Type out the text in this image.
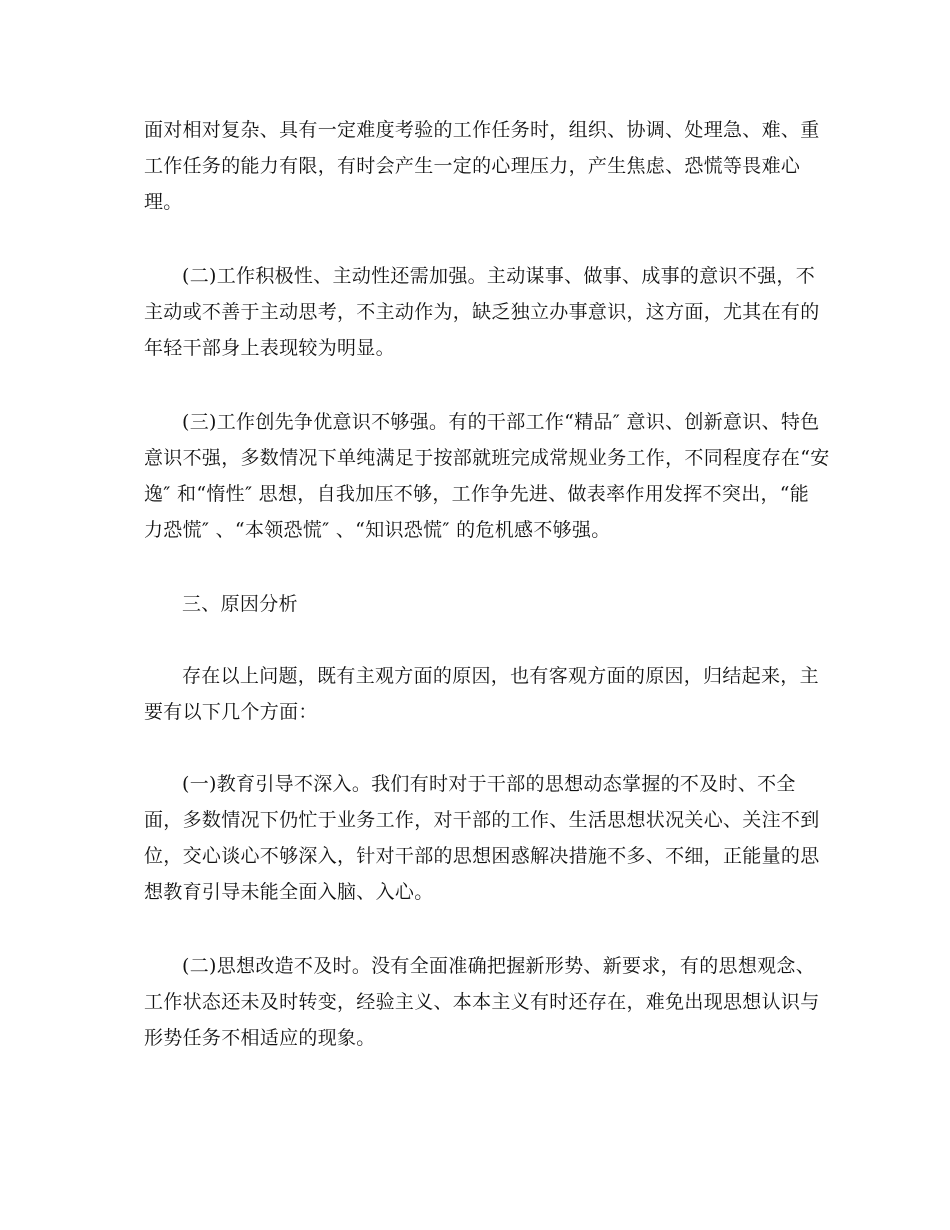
面对相对复杂、具有一定难度考验的工作任务时，组织、协调、处理急、难、重
工作任务的能力有限，有时会产生一定的心理压力，产生焦虑、恐慌等畏难心
理。

(二)工作积极性、主动性还需加强。主动谋事、做事、成事的意识不强，不
主动或不善于主动思考，不主动作为，缺乏独立办事意识，这方面，尤其在有的
年轻干部身上表现较为明显。

(三)工作创先争优意识不够强。有的干部工作“精品″ 意识、创新意识、特色
意识不强，多数情况下单纯满足于按部就班完成常规业务工作，不同程度存在“安
逸″ 和“惰性″ 思想，自我加压不够，工作争先进、做表率作用发挥不突出，“能
力恐慌″ 、“本领恐慌″ 、“知识恐慌″ 的危机感不够强。

三、原因分析

存在以上问题，既有主观方面的原因，也有客观方面的原因，归结起来，主
要有以下几个方面：

(一)教育引导不深入。我们有时对于干部的思想动态掌握的不及时、不全
面，多数情况下仍忙于业务工作，对干部的工作、生活思想状况关心、关注不到
位，交心谈心不够深入，针对干部的思想困惑解决措施不多、不细，正能量的思
想教育引导未能全面入脑、入心。

(二)思想改造不及时。没有全面准确把握新形势、新要求，有的思想观念、
工作状态还未及时转变，经验主义、本本主义有时还存在，难免出现思想认识与
形势任务不相适应的现象。
